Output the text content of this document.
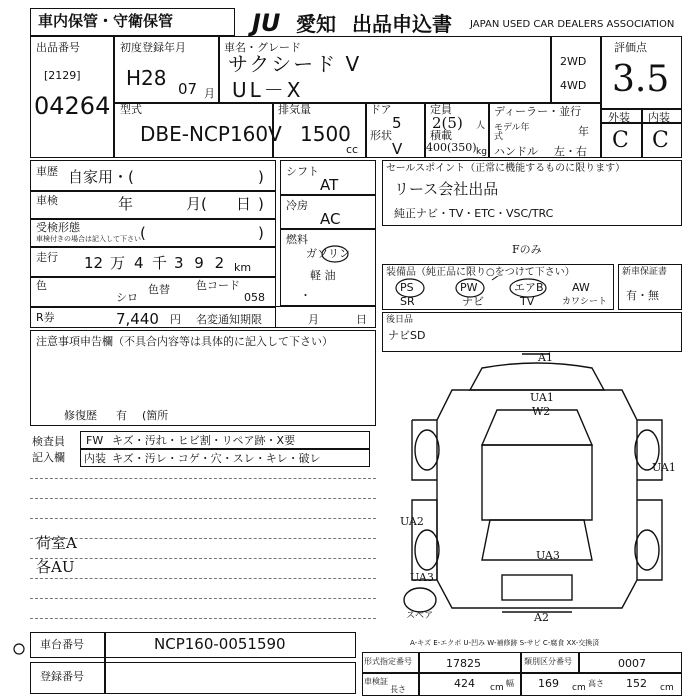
車内保管・守衛保管	JU 愛知 出品申込書 JAPAN USED CAR DEALERS ASSOCIATION
出品番号
[2129]
04264
初度登録年月
H28 07 月
車名・グレード
サクシード V
UL－X
2WD
4WD
評価点
3.5
外装 内装
C C
型式
DBE-NCP160V
排気量
1500
cc
ドア
5
形状
V
定員
2(5) 人
積載
400(350) kg
ディーラー・並行
モデル年式	年
ハンドル 左・右
車歴 自家用・(	)
車検	年	月( 日 )
受検形態
車検付きの場合は記入して下さい (	)
走行 12 万 4 千 3 9 2 km
色
シロ
色替 色コード
058
R券	7,440 円 名変通知期限	月	日
シフト
AT
冷房
AC
燃料
ガソリン
軽 油
・
セールスポイント（正常に機能するものに限ります）
リース会社出品
純正ナビ・TV・ETC・VSC/TRC
Fのみ
装備品（純正品に限り○をつけて下さい）
PS	PW	エアB	AW
SR	ナビ	TV	カワシート
新車保証書
有・無
後日品
ナビSD
注意事項申告欄（不具合内容等は具体的に記入して下さい）
修復歴 有 (箇所
検査員
記入欄
FW キズ・汚れ・ヒビ割・リペア跡・X要
内装 キズ・汚レ・コゲ・穴・スレ・キレ・破レ
荷室A
各AU
A1
UA1
W2
UA1
UA2
UA3
UA3
A2
スペア
A-キズ E-エクボ U-凹み W-補修跡 S-サビ C-腐食 XX-交換済
車台番号	NCP160-0051590
登録番号
形式指定番号	17825	類別区分番号	0007
車検証
長さ	424 cm 幅 169 cm 高さ 152 cm
